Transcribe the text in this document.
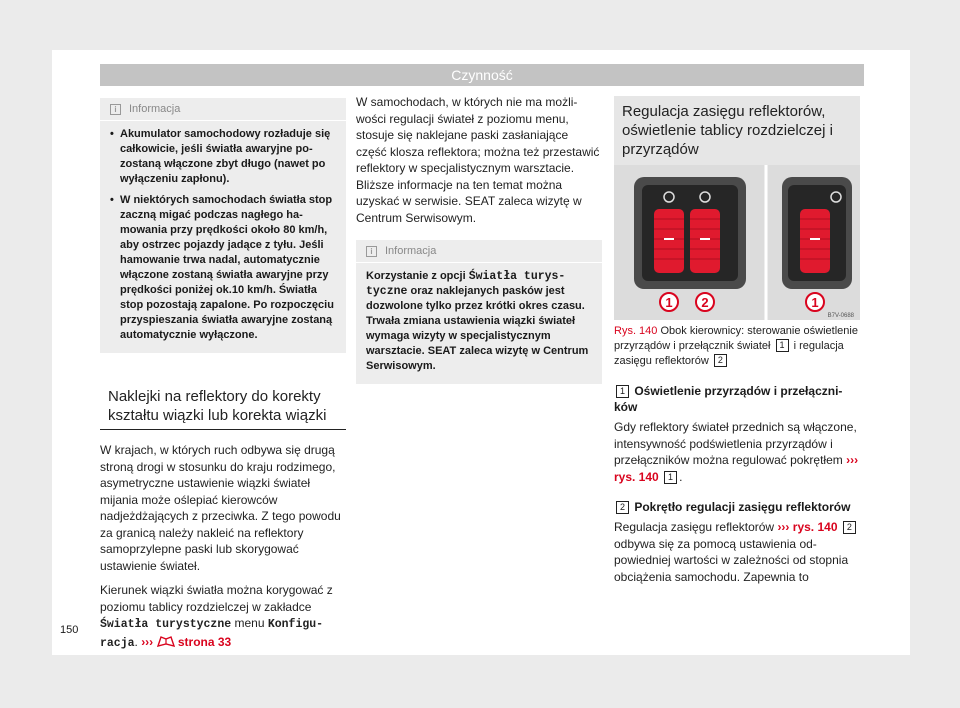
Czynność
i	Informacja
• Akumulator samochodowy rozładuje się całkowicie, jeśli światła awaryjne pozostaną włączone zbyt długo (nawet po wyłączeniu zapłonu).
• W niektórych samochodach światła stop zaczną migać podczas nagłego hamowania przy prędkości około 80 km/h, aby ostrzec pojazdy jadące z tyłu. Jeśli hamowanie trwa nadal, automatycznie włączone zostaną światła awaryjne przy prędkości poniżej ok.10 km/h. Światła stop pozostają zapalone. Po rozpoczęciu przyspieszania światła awaryjne zostaną automatycznie wyłączone.
Naklejki na reflektory do korekty kształtu wiązki lub korekta wiązki

W krajach, w których ruch odbywa się drugą stroną drogi w stosunku do kraju rodzimego, asymetryczne ustawienie wiązki świateł mijania może oślepiać kierowców nadjeżdżających z przeciwka. Z tego powodu za granicą należy nakleić na reflektory samoprzylepne paski lub skorygować ustawienie świateł.

Kierunek wiązki światła można korygować z poziomu tablicy rozdzielczej w zakładce Światła turystyczne menu Konfiguracja. ››› strona 33

W samochodach, w których nie ma możliwości regulacji świateł z poziomu menu, stosuje się naklejane paski zasłaniające część klosza reflektora; można też przestawić reflektory w specjalistycznym warsztacie. Bliższe informacje na ten temat można uzyskać w serwisie. SEAT zaleca wizytę w Centrum Serwisowym.

i	Informacja
Korzystanie z opcji Światła turystyczne oraz naklejanych pasków jest dozwolone tylko przez krótki okres czasu. Trwała zmiana ustawienia wiązki świateł wymaga wizyty w specjalistycznym warsztacie. SEAT zaleca wizytę w Centrum Serwisowym.
Regulacja zasięgu reflektorów, oświetlenie tablicy rozdzielczej i przyrządów
1 2	1
B7V-0688
Rys. 140 Obok kierownicy: sterowanie oświetlenie przyrządów i przełącznik świateł 1 i regulacja zasięgu reflektorów 2
1 Oświetlenie przyrządów i przełączników

Gdy reflektory świateł przednich są włączone, intensywność podświetlenia przyrządów i przełączników można regulować pokrętłem ››› rys. 140 1 .

2 Pokrętło regulacji zasięgu reflektorów

Regulacja zasięgu reflektorów ››› rys. 140 2 odbywa się za pomocą ustawienia odpowiedniej wartości w zależności od stopnia obciążenia samochodu. Zapewnia to

150
